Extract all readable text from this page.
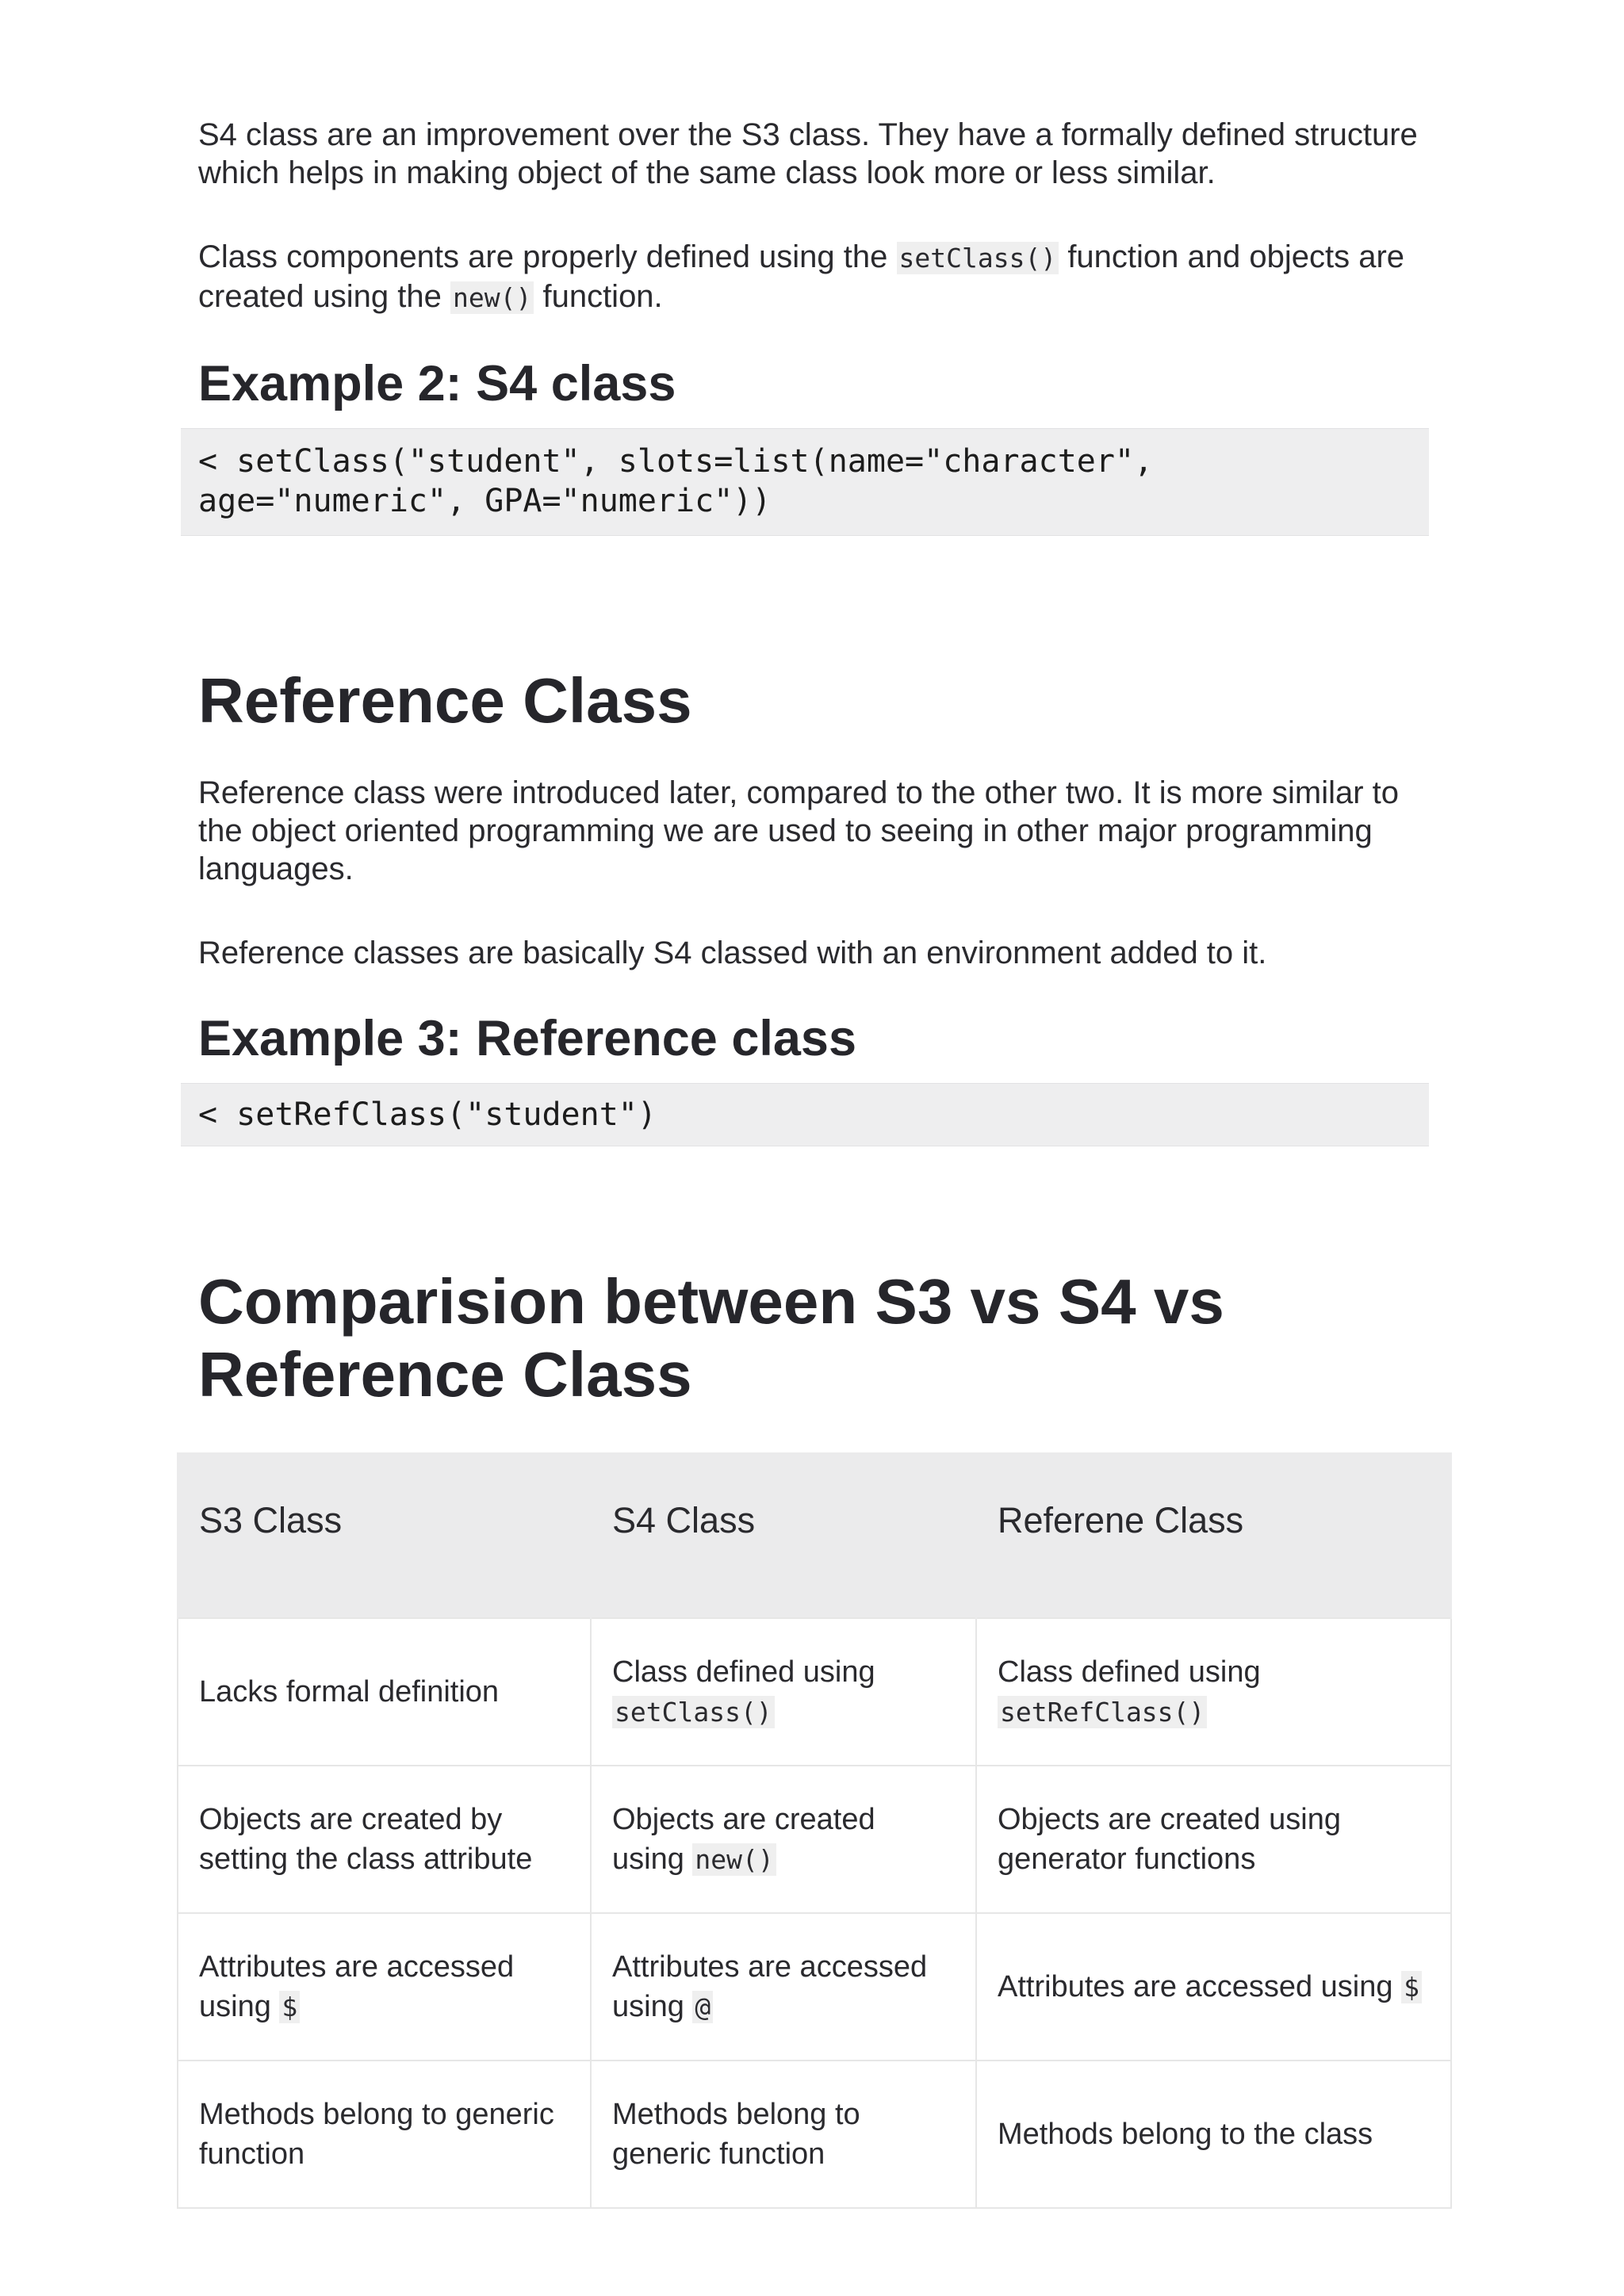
S4 class are an improvement over the S3 class. They have a formally defined structure which helps in making object of the same class look more or less similar.

Class components are properly defined using the setClass() function and objects are created using the new() function.

Example 2: S4 class
< setClass("student", slots=list(name="character", age="numeric", GPA="numeric"))
Reference Class

Reference class were introduced later, compared to the other two. It is more similar to the object oriented programming we are used to seeing in other major programming languages.

Reference classes are basically S4 classed with an environment added to it.

Example 3: Reference class
< setRefClass("student")
Comparision between S3 vs S4 vs
Reference Class
S3 Class	S4 Class	Referene Class
Lacks formal definition	Class defined using setClass()	Class defined using setRefClass()
Objects are created by setting the class attribute	Objects are created using new()	Objects are created using generator functions
Attributes are accessed using $	Attributes are accessed using @	Attributes are accessed using $
Methods belong to generic function	Methods belong to generic function	Methods belong to the class
